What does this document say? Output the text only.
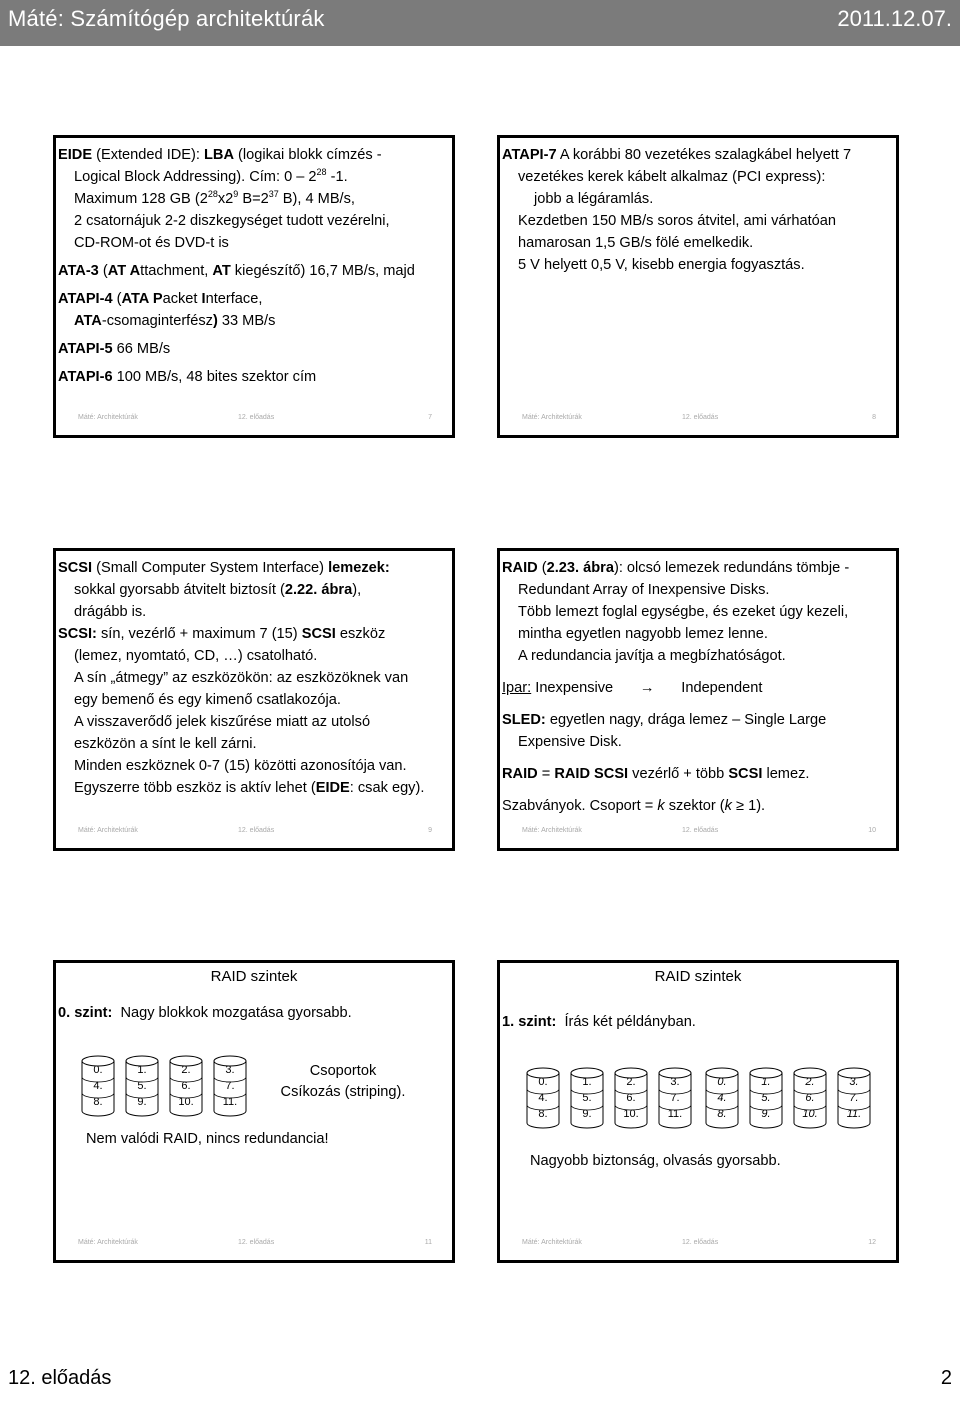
Máté: Számítógép architektúrák	2011.12.07.

EIDE (Extended IDE): LBA (logikai blokk címzés -

Logical Block Addressing). Cím: $0 - 2^{28}$ -1.

Maximum 128 GB ($2^{28}x2^9$ $B=2^{37}$ B), 4 MB/s,

2 csatornájuk 2-2 diszkegységet tudott vezérelni,

CD-ROM-ot és DVD-t is

ATA-3 (AT Attachment, AT kiegészítő) 16,7 MB/s, majd

ATAPI-4 (ATA Packet Interface,

ATA-csomaginterfész) 33 MB/s

ATAPI-5 66 MB/s

ATAPI-6 100 MB/s, 48 bites szektor cím

Máté: Architektúrák	12. előadás	7

ATAPI-7 A korábbi 80 vezetékes szalagkábel helyett 7

vezetékes kerek kábelt alkalmaz (PCI express):

jobb a légáramlás.

Kezdetben 150 MB/s soros átvitel, ami várhatóan

hamarosan 1,5 GB/s fölé emelkedik.

5 V helyett 0,5 V, kisebb energia fogyasztás.

Máté: Architektúrák	12. előadás	8

SCSI (Small Computer System Interface) lemezek:

sokkal gyorsabb átvitelt biztosít (2.22. ábra),

drágább is.

SCSI: sín, vezérlő + maximum 7 (15) SCSI eszköz

(lemez, nyomtató, CD, …) csatolható.

A sín „átmegy” az eszközökön: az eszközöknek van

egy bemenő és egy kimenő csatlakozója.

A visszaverődő jelek kiszűrése miatt az utolsó

eszközön a sínt le kell zárni.

Minden eszköznek 0-7 (15) közötti azonosítója van.

Egyszerre több eszköz is aktív lehet (EIDE: csak egy).

Máté: Architektúrák	12. előadás	9

RAID (2.23. ábra): olcsó lemezek redundáns tömbje -

Redundant Array of Inexpensive Disks.

Több lemezt foglal egységbe, és ezeket úgy kezeli,

mintha egyetlen nagyobb lemez lenne.

A redundancia javítja a megbízhatóságot.

Ipar: Inexpensive → Independent

SLED: egyetlen nagy, drága lemez – Single Large

Expensive Disk.

RAID = RAID SCSI vezérlő + több SCSI lemez.

Szabványok. Csoport = k szektor (k ≥ 1).

Máté: Architektúrák	12. előadás	10
RAID szintek
0. szint: Nagy blokkok mozgatása gyorsabb.
0.
4.
8.
1.
5.
9.
2.
6.
10.
3.
7.
11.
Csoportok
Csíkozás (striping).
Nem valódi RAID, nincs redundancia!
Máté: Architektúrák	12. előadás	11
RAID szintek
1. szint: Írás két példányban.
0.
4.
8.
1.
5.
9.
2.
6.
10.
3.
7.
11.
0.
4.
8.
1.
5.
9.
2.
6.
10.
3.
7.
11.
Nagyobb biztonság, olvasás gyorsabb.
Máté: Architektúrák	12. előadás	12
12. előadás	2
